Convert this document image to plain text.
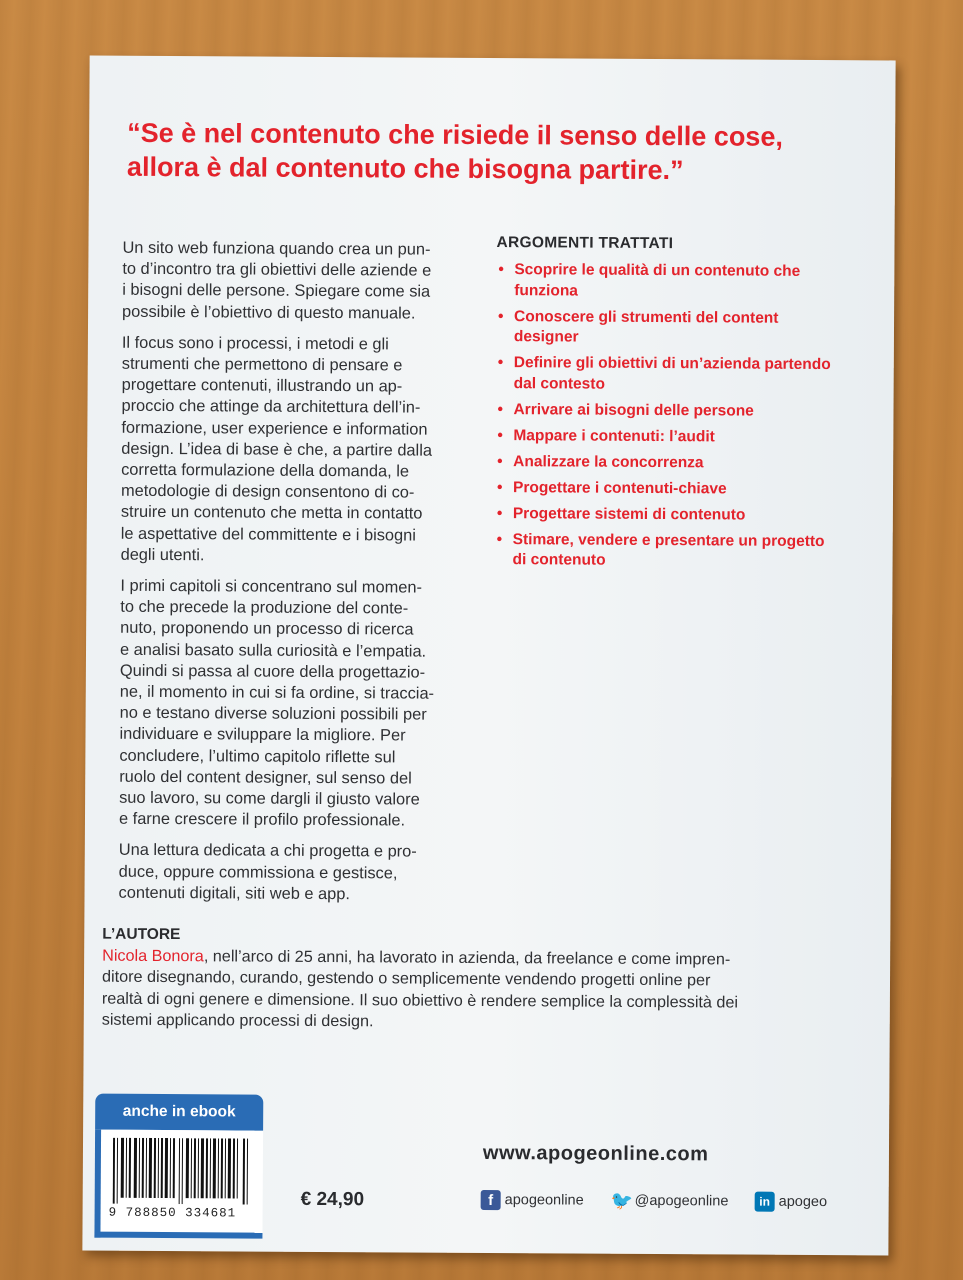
“Se è nel contenuto che risiede il senso delle cose,
allora è dal contenuto che bisogna partire.”

Un sito web funziona quando crea un pun-
to d’incontro tra gli obiettivi delle aziende e
i bisogni delle persone. Spiegare come sia
possibile è l’obiettivo di questo manuale.

Il focus sono i processi, i metodi e gli
strumenti che permettono di pensare e
progettare contenuti, illustrando un ap-
proccio che attinge da architettura dell’in-
formazione, user experience e information
design. L’idea di base è che, a partire dalla
corretta formulazione della domanda, le
metodologie di design consentono di co-
struire un contenuto che metta in contatto
le aspettative del committente e i bisogni
degli utenti.

I primi capitoli si concentrano sul momen-
to che precede la produzione del conte-
nuto, proponendo un processo di ricerca
e analisi basato sulla curiosità e l’empatia.
Quindi si passa al cuore della progettazio-
ne, il momento in cui si fa ordine, si traccia-
no e testano diverse soluzioni possibili per
individuare e sviluppare la migliore. Per
concludere, l’ultimo capitolo riflette sul
ruolo del content designer, sul senso del
suo lavoro, su come dargli il giusto valore
e farne crescere il profilo professionale.

Una lettura dedicata a chi progetta e pro-
duce, oppure commissiona e gestisce,
contenuti digitali, siti web e app.

ARGOMENTI TRATTATI
• Scoprire le qualità di un contenuto che funziona
• Conoscere gli strumenti del content designer
• Definire gli obiettivi di un’azienda partendo dal contesto
• Arrivare ai bisogni delle persone
• Mappare i contenuti: l’audit
• Analizzare la concorrenza
• Progettare i contenuti-chiave
• Progettare sistemi di contenuto
• Stimare, vendere e presentare un progetto di contenuto
L’AUTORE
Nicola Bonora, nell’arco di 25 anni, ha lavorato in azienda, da freelance e come impren-
ditore disegnando, curando, gestendo o semplicemente vendendo progetti online per
realtà di ogni genere e dimensione. Il suo obiettivo è rendere semplice la complessità dei
sistemi applicando processi di design.
anche in ebook
9 788850 334681
€ 24,90
www.apogeonline.com
f apogeonline 🐦 @apogeonline	in apogeo
